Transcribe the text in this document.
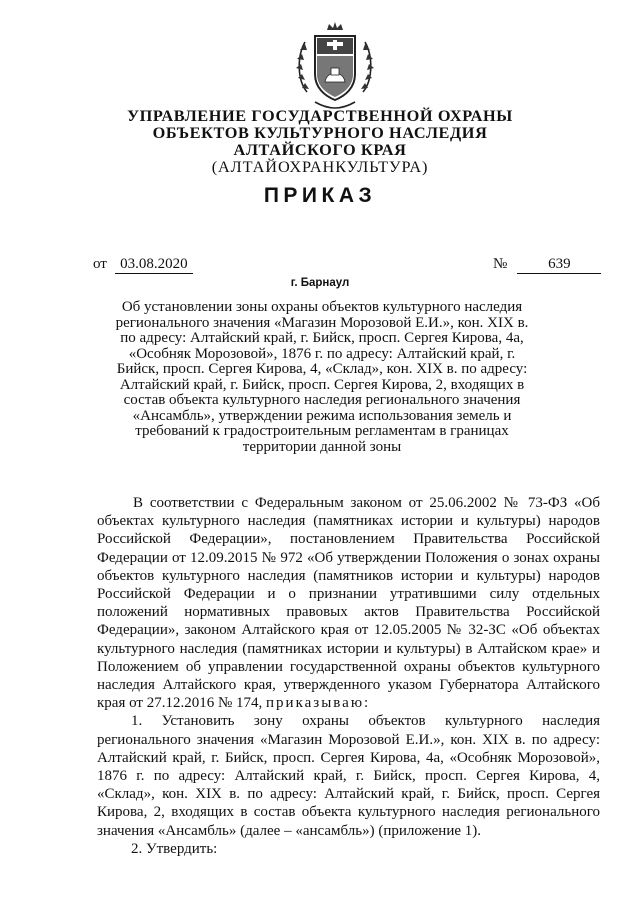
УПРАВЛЕНИЕ ГОСУДАРСТВЕННОЙ ОХРАНЫ
ОБЪЕКТОВ КУЛЬТУРНОГО НАСЛЕДИЯ
АЛТАЙСКОГО КРАЯ
(АЛТАЙОХРАНКУЛЬТУРА)
ПРИКАЗ
от 03.08.2020	№	639
г. Барнаул
Об установлении зоны охраны объектов культурного наследия регионального значения «Магазин Морозовой Е.И.», кон. XIX в. по адресу: Алтайский край, г. Бийск, просп. Сергея Кирова, 4а, «Особняк Морозовой», 1876 г. по адресу: Алтайский край, г. Бийск, просп. Сергея Кирова, 4, «Склад», кон. XIX в. по адресу: Алтайский край, г. Бийск, просп. Сергея Кирова, 2, входящих в состав объекта культурного наследия регионального значения «Ансамбль», утверждении режима использования земель и требований к градостроительным регламентам в границах территории данной зоны

В соответствии с Федеральным законом от 25.06.2002 № 73-ФЗ «Об объектах культурного наследия (памятниках истории и культуры) народов Российской Федерации», постановлением Правительства Российской Федерации от 12.09.2015 № 972 «Об утверждении Положения о зонах охраны объектов культурного наследия (памятников истории и культуры) народов Российской Федерации и о признании утратившими силу отдельных положений нормативных правовых актов Правительства Российской Федерации», законом Алтайского края от 12.05.2005 № 32-ЗС «Об объектах культурного наследия (памятниках истории и культуры) в Алтайском крае» и Положением об управлении государственной охраны объектов культурного наследия Алтайского края, утвержденного указом Губернатора Алтайского края от 27.12.2016 № 174, приказываю:

1. Установить зону охраны объектов культурного наследия регионального значения «Магазин Морозовой Е.И.», кон. XIX в. по адресу: Алтайский край, г. Бийск, просп. Сергея Кирова, 4а, «Особняк Морозовой», 1876 г. по адресу: Алтайский край, г. Бийск, просп. Сергея Кирова, 4, «Склад», кон. XIX в. по адресу: Алтайский край, г. Бийск, просп. Сергея Кирова, 2, входящих в состав объекта культурного наследия регионального значения «Ансамбль» (далее – «ансамбль») (приложение 1).

2. Утвердить:
